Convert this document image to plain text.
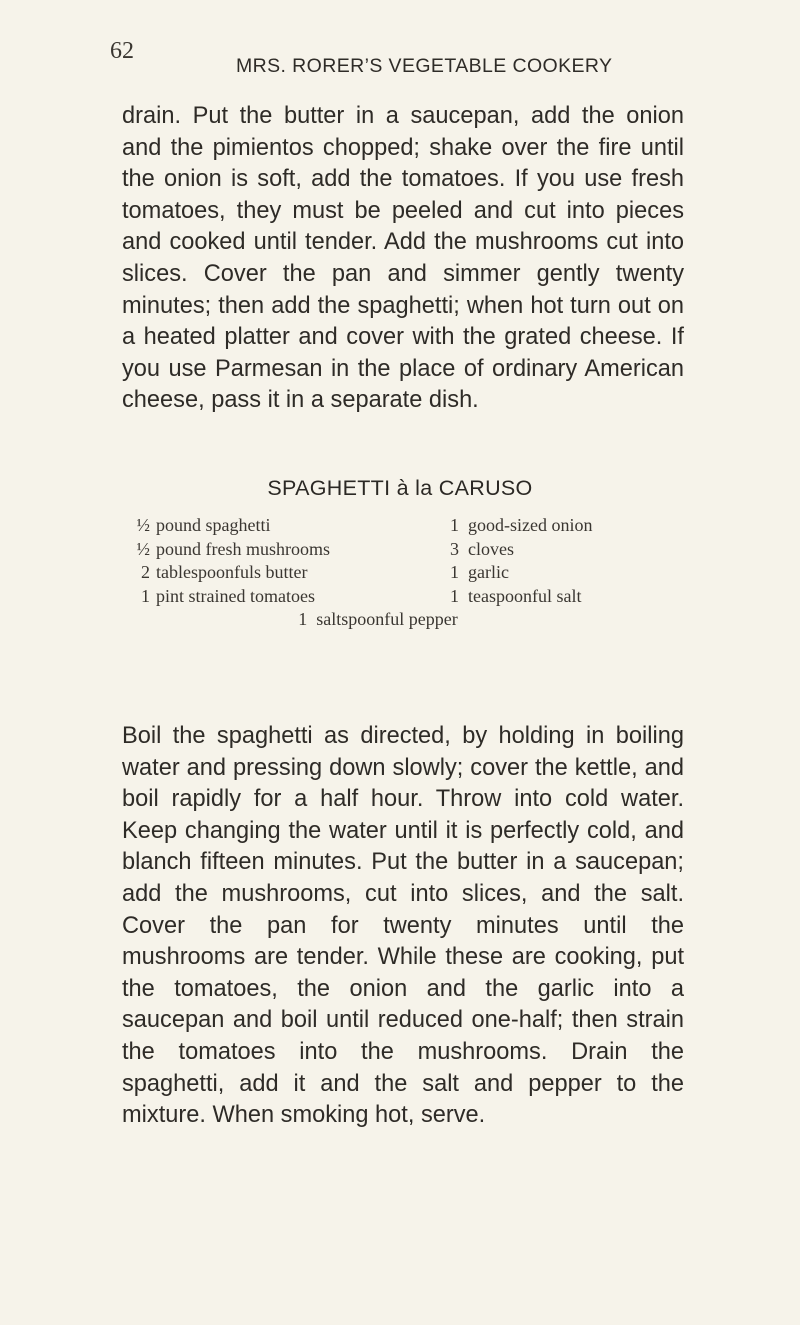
62
MRS. RORER’S VEGETABLE COOKERY

drain. Put the butter in a saucepan, add the onion and the pimientos chopped; shake over the fire until the onion is soft, add the tomatoes. If you use fresh tomatoes, they must be peeled and cut into pieces and cooked until tender. Add the mushrooms cut into slices. Cover the pan and simmer gently twenty minutes; then add the spaghetti; when hot turn out on a heated platter and cover with the grated cheese. If you use Parmesan in the place of ordinary American cheese, pass it in a separate dish.

SPAGHETTI à la CARUSO
½ pound spaghetti	1 good-sized onion
½ pound fresh mushrooms	3 cloves
2 tablespoonfuls butter	1 garlic
1 pint strained tomatoes	1 teaspoonful salt
1 saltspoonful pepper

Boil the spaghetti as directed, by holding in boiling water and pressing down slowly; cover the kettle, and boil rapidly for a half hour. Throw into cold water. Keep changing the water until it is perfectly cold, and blanch fifteen minutes. Put the butter in a saucepan; add the mushrooms, cut into slices, and the salt. Cover the pan for twenty minutes until the mushrooms are tender. While these are cooking, put the tomatoes, the onion and the garlic into a saucepan and boil until reduced one-half; then strain the tomatoes into the mushrooms. Drain the spaghetti, add it and the salt and pepper to the mixture. When smoking hot, serve.
